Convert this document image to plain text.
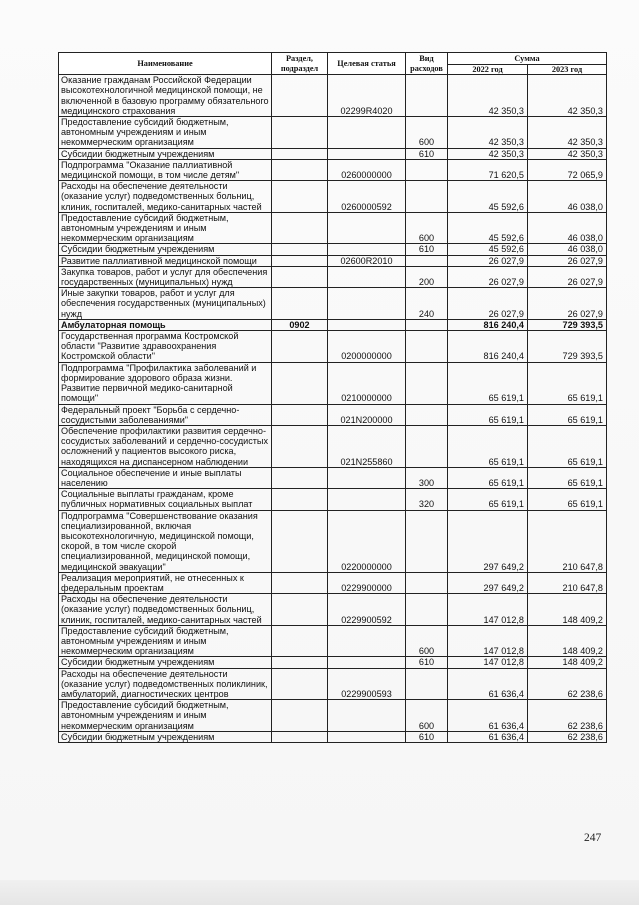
Наименование	Раздел, подраздел	Целевая статья	Вид расходов	Сумма	
				2022 год	2023 год
Оказание гражданам Российской Федерации высокотехнологичной медицинской помощи, не включенной в базовую программу обязательного медицинского страхования		02299R4020		42 350,3	42 350,3
Предоставление субсидий бюджетным, автономным учреждениям и иным некоммерческим организациям			600	42 350,3	42 350,3
Субсидии бюджетным учреждениям			610	42 350,3	42 350,3
Подпрограмма "Оказание паллиативной медицинской помощи, в том числе детям"		0260000000		71 620,5	72 065,9
Расходы на обеспечение деятельности (оказание услуг) подведомственных больниц, клиник, госпиталей, медико-санитарных частей		0260000592		45 592,6	46 038,0
Предоставление субсидий бюджетным, автономным учреждениям и иным некоммерческим организациям			600	45 592,6	46 038,0
Субсидии бюджетным учреждениям			610	45 592,6	46 038,0
Развитие паллиативной медицинской помощи		02600R2010		26 027,9	26 027,9
Закупка товаров, работ и услуг для обеспечения государственных (муниципальных) нужд			200	26 027,9	26 027,9
Иные закупки товаров, работ и услуг для обеспечения государственных (муниципальных) нужд			240	26 027,9	26 027,9
Амбулаторная помощь	0902			816 240,4	729 393,5
Государственная программа Костромской области "Развитие здравоохранения Костромской области"		0200000000		816 240,4	729 393,5
Подпрограмма "Профилактика заболеваний и формирование здорового образа жизни. Развитие первичной медико-санитарной помощи"		0210000000		65 619,1	65 619,1
Федеральный проект "Борьба с сердечно-сосудистыми заболеваниями"		021N200000		65 619,1	65 619,1
Обеспечение профилактики развития сердечно-сосудистых заболеваний и сердечно-сосудистых осложнений у пациентов высокого риска, находящихся на диспансерном наблюдении		021N255860		65 619,1	65 619,1
Социальное обеспечение и иные выплаты населению			300	65 619,1	65 619,1
Социальные выплаты гражданам, кроме публичных нормативных социальных выплат			320	65 619,1	65 619,1
Подпрограмма "Совершенствование оказания специализированной, включая высокотехнологичную, медицинской помощи, скорой, в том числе скорой специализированной, медицинской помощи, медицинской эвакуации"		0220000000		297 649,2	210 647,8
Реализация мероприятий, не отнесенных к федеральным проектам		0229900000		297 649,2	210 647,8
Расходы на обеспечение деятельности (оказание услуг) подведомственных больниц, клиник, госпиталей, медико-санитарных частей		0229900592		147 012,8	148 409,2
Предоставление субсидий бюджетным, автономным учреждениям и иным некоммерческим организациям			600	147 012,8	148 409,2
Субсидии бюджетным учреждениям			610	147 012,8	148 409,2
Расходы на обеспечение деятельности (оказание услуг) подведомственных поликлиник, амбулаторий, диагностических центров		0229900593		61 636,4	62 238,6
Предоставление субсидий бюджетным, автономным учреждениям и иным некоммерческим организациям			600	61 636,4	62 238,6
Субсидии бюджетным учреждениям			610	61 636,4	62 238,6
247
